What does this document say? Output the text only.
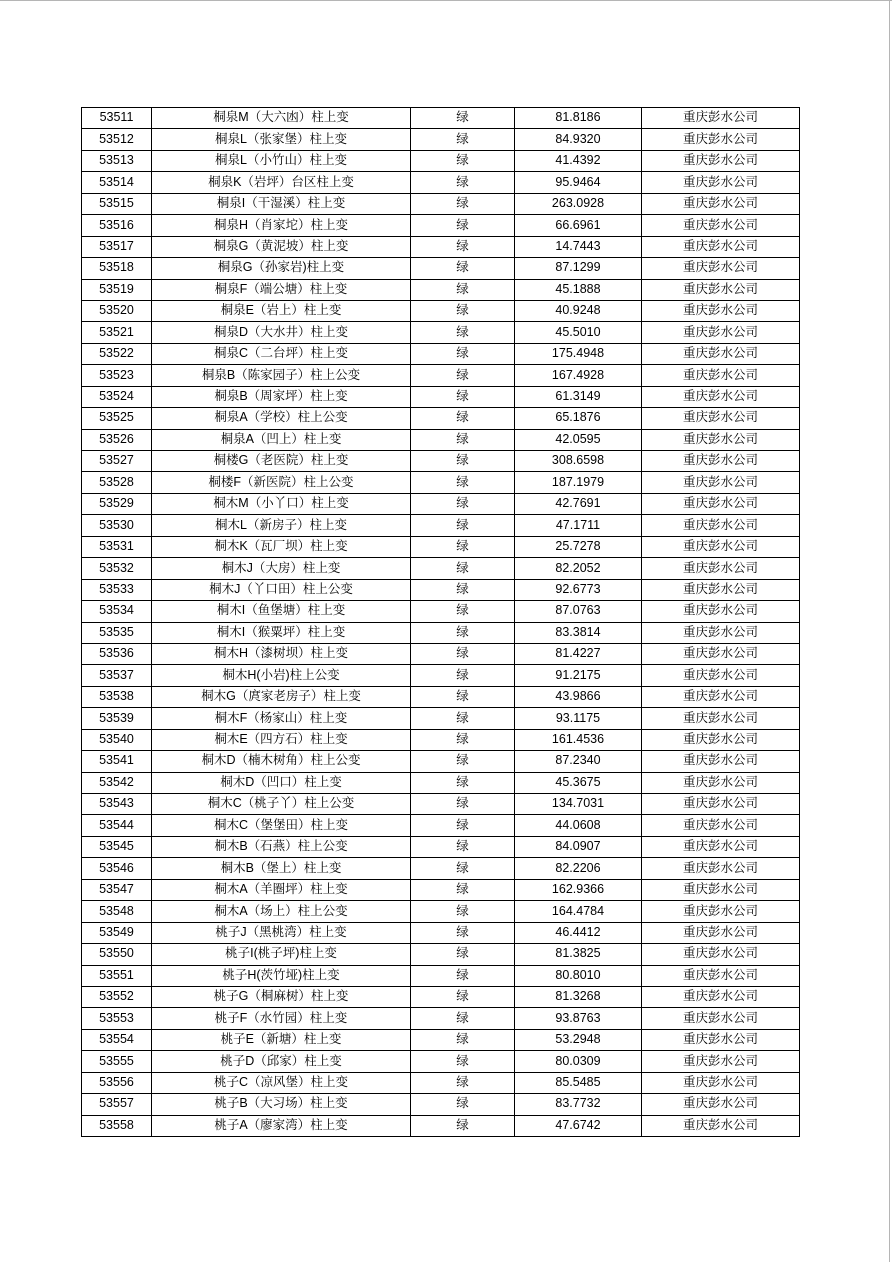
53511	桐泉M（大六凼）柱上变	绿	81.8186	重庆彭水公司
53512	桐泉L（张家堡）柱上变	绿	84.9320	重庆彭水公司
53513	桐泉L（小竹山）柱上变	绿	41.4392	重庆彭水公司
53514	桐泉K（岩坪）台区柱上变	绿	95.9464	重庆彭水公司
53515	桐泉I（干湿溪）柱上变	绿	263.0928	重庆彭水公司
53516	桐泉H（肖家坨）柱上变	绿	66.6961	重庆彭水公司
53517	桐泉G（黄泥坡）柱上变	绿	14.7443	重庆彭水公司
53518	桐泉G（孙家岩)柱上变	绿	87.1299	重庆彭水公司
53519	桐泉F（端公塘）柱上变	绿	45.1888	重庆彭水公司
53520	桐泉E（岩上）柱上变	绿	40.9248	重庆彭水公司
53521	桐泉D（大水井）柱上变	绿	45.5010	重庆彭水公司
53522	桐泉C（二台坪）柱上变	绿	175.4948	重庆彭水公司
53523	桐泉B（陈家园子）柱上公变	绿	167.4928	重庆彭水公司
53524	桐泉B（周家坪）柱上变	绿	61.3149	重庆彭水公司
53525	桐泉A（学校）柱上公变	绿	65.1876	重庆彭水公司
53526	桐泉A（凹上）柱上变	绿	42.0595	重庆彭水公司
53527	桐楼G（老医院）柱上变	绿	308.6598	重庆彭水公司
53528	桐楼F（新医院）柱上公变	绿	187.1979	重庆彭水公司
53529	桐木M（小丫口）柱上变	绿	42.7691	重庆彭水公司
53530	桐木L（新房子）柱上变	绿	47.1711	重庆彭水公司
53531	桐木K（瓦厂坝）柱上变	绿	25.7278	重庆彭水公司
53532	桐木J（大房）柱上变	绿	82.2052	重庆彭水公司
53533	桐木J（丫口田）柱上公变	绿	92.6773	重庆彭水公司
53534	桐木I（鱼堡塘）柱上变	绿	87.0763	重庆彭水公司
53535	桐木I（猴粟坪）柱上变	绿	83.3814	重庆彭水公司
53536	桐木H（漆树坝）柱上变	绿	81.4227	重庆彭水公司
53537	桐木H(小岩)柱上公变	绿	91.2175	重庆彭水公司
53538	桐木G（庹家老房子）柱上变	绿	43.9866	重庆彭水公司
53539	桐木F（杨家山）柱上变	绿	93.1175	重庆彭水公司
53540	桐木E（四方石）柱上变	绿	161.4536	重庆彭水公司
53541	桐木D（楠木树角）柱上公变	绿	87.2340	重庆彭水公司
53542	桐木D（凹口）柱上变	绿	45.3675	重庆彭水公司
53543	桐木C（桃子丫）柱上公变	绿	134.7031	重庆彭水公司
53544	桐木C（堡堡田）柱上变	绿	44.0608	重庆彭水公司
53545	桐木B（石燕）柱上公变	绿	84.0907	重庆彭水公司
53546	桐木B（堡上）柱上变	绿	82.2206	重庆彭水公司
53547	桐木A（羊圈坪）柱上变	绿	162.9366	重庆彭水公司
53548	桐木A（场上）柱上公变	绿	164.4784	重庆彭水公司
53549	桃子J（黑桃湾）柱上变	绿	46.4412	重庆彭水公司
53550	桃子I(桃子坪)柱上变	绿	81.3825	重庆彭水公司
53551	桃子H(茨竹垭)柱上变	绿	80.8010	重庆彭水公司
53552	桃子G（桐麻树）柱上变	绿	81.3268	重庆彭水公司
53553	桃子F（水竹园）柱上变	绿	93.8763	重庆彭水公司
53554	桃子E（新塘）柱上变	绿	53.2948	重庆彭水公司
53555	桃子D（邱家）柱上变	绿	80.0309	重庆彭水公司
53556	桃子C（凉风堡）柱上变	绿	85.5485	重庆彭水公司
53557	桃子B（大习场）柱上变	绿	83.7732	重庆彭水公司
53558	桃子A（廖家湾）柱上变	绿	47.6742	重庆彭水公司
